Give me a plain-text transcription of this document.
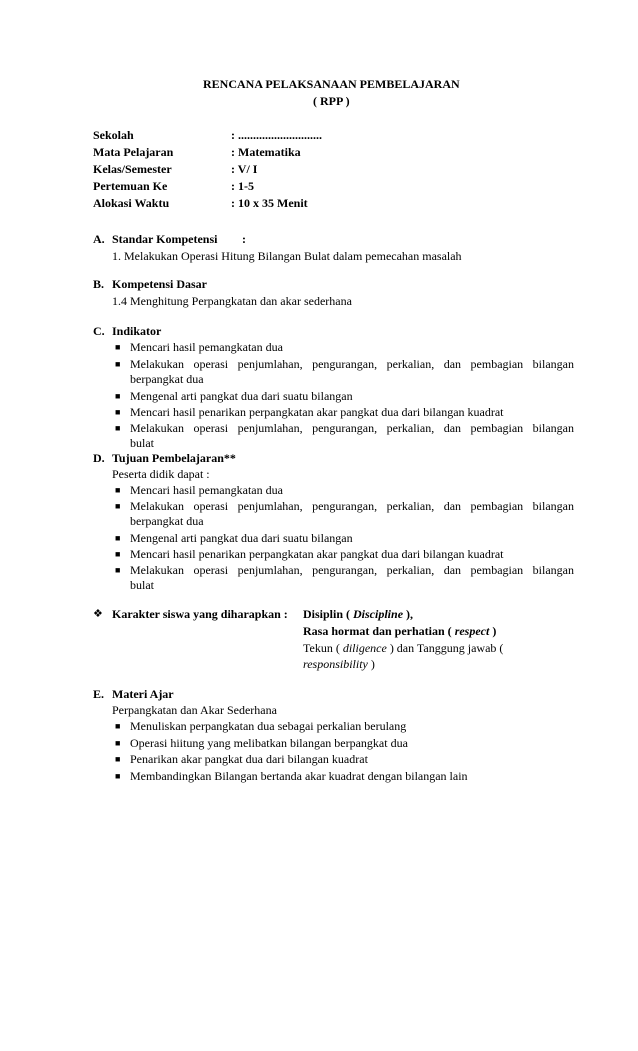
RENCANA PELAKSANAAN PEMBELAJARAN
( RPP )
Sekolah	: ............................
Mata Pelajaran	: Matematika
Kelas/Semester	: V/ I
Pertemuan Ke	: 1-5
Alokasi Waktu	: 10 x 35 Menit
A. Standar Kompetensi :
1. Melakukan Operasi Hitung Bilangan Bulat dalam pemecahan masalah
B. Kompetensi Dasar
1.4 Menghitung Perpangkatan dan akar sederhana
C. Indikator
■ Mencari hasil pemangkatan dua
■ Melakukan operasi penjumlahan, pengurangan, perkalian, dan pembagian bilangan
berpangkat dua
■ Mengenal arti pangkat dua dari suatu bilangan
■ Mencari hasil penarikan perpangkatan akar pangkat dua dari bilangan kuadrat
■ Melakukan operasi penjumlahan, pengurangan, perkalian, dan pembagian bilangan
bulat
D. Tujuan Pembelajaran**
Peserta didik dapat :
■ Mencari hasil pemangkatan dua
■ Melakukan operasi penjumlahan, pengurangan, perkalian, dan pembagian bilangan
berpangkat dua
■ Mengenal arti pangkat dua dari suatu bilangan
■ Mencari hasil penarikan perpangkatan akar pangkat dua dari bilangan kuadrat
■ Melakukan operasi penjumlahan, pengurangan, perkalian, dan pembagian bilangan
bulat
❖ Karakter siswa yang diharapkan : Disiplin ( Discipline ),
Rasa hormat dan perhatian ( respect )
Tekun ( diligence ) dan Tanggung jawab (
responsibility )
E. Materi Ajar
Perpangkatan dan Akar Sederhana
■ Menuliskan perpangkatan dua sebagai perkalian berulang
■ Operasi hiitung yang melibatkan bilangan berpangkat dua
■ Penarikan akar pangkat dua dari bilangan kuadrat
■ Membandingkan Bilangan bertanda akar kuadrat dengan bilangan lain
